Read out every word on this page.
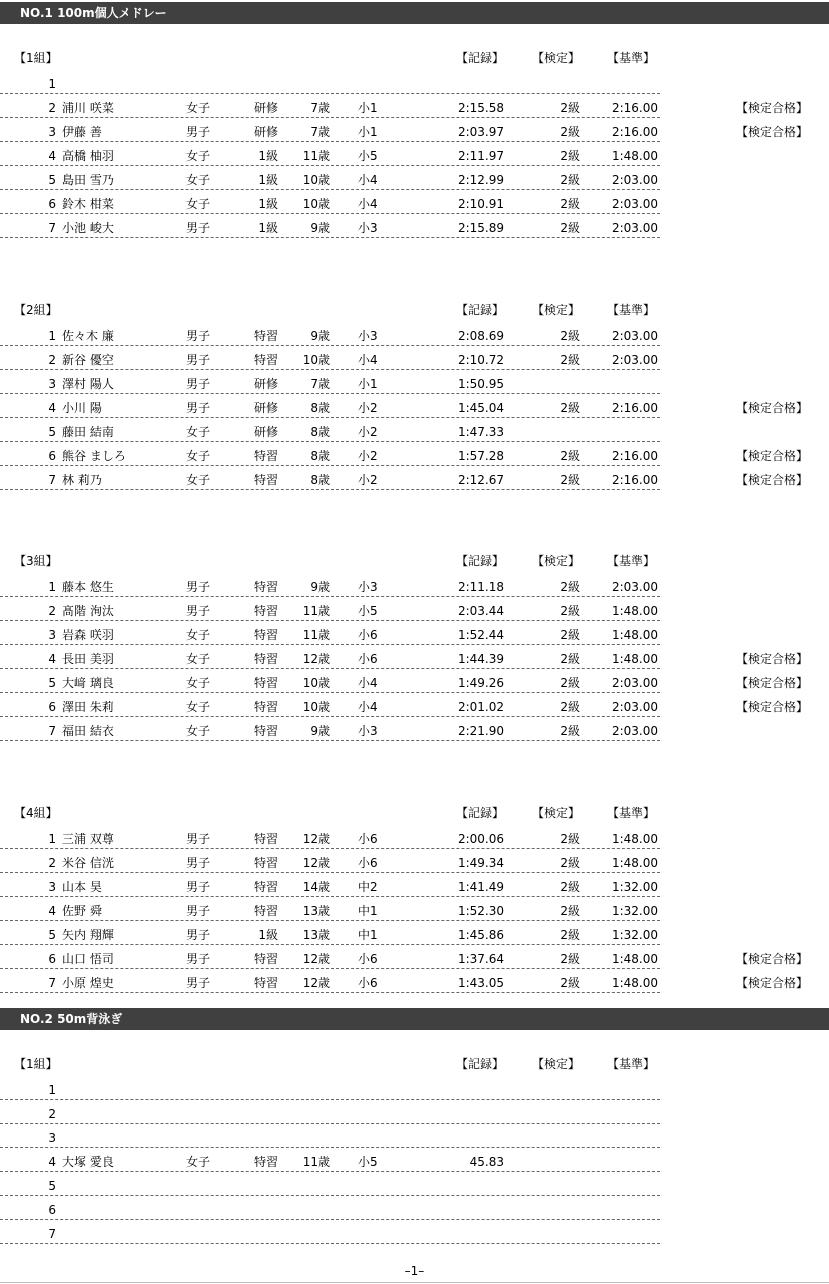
NO.1 100m個人メドレー
【1組】	【記録】 【検定】 【基準】
1
2 浦川 咲菜	女子	研修	7歳 小1	2:15.58	2級	2:16.00	【検定合格】
3 伊藤 善	男子	研修	7歳 小1	2:03.97	2級	2:16.00	【検定合格】
4 高橋 柚羽	女子	1級	11歳 小5	2:11.97	2級	1:48.00
5 島田 雪乃	女子	1級	10歳 小4	2:12.99	2級	2:03.00
6 鈴木 柑菜	女子	1級	10歳 小4	2:10.91	2級	2:03.00
7 小池 峻大	男子	1級	9歳 小3	2:15.89	2級	2:03.00
【2組】	【記録】 【検定】 【基準】
1 佐々木 廉	男子	特習	9歳 小3	2:08.69	2級	2:03.00
2 新谷 優空	男子	特習	10歳 小4	2:10.72	2級	2:03.00
3 澤村 陽人	男子	研修	7歳 小1	1:50.95
4 小川 陽	男子	研修	8歳 小2	1:45.04	2級	2:16.00	【検定合格】
5 藤田 結南	女子	研修	8歳 小2	1:47.33
6 熊谷 ましろ	女子	特習	8歳 小2	1:57.28	2級	2:16.00	【検定合格】
7 林 莉乃	女子	特習	8歳 小2	2:12.67	2級	2:16.00	【検定合格】
【3組】	【記録】 【検定】 【基準】
1 藤本 悠生	男子	特習	9歳 小3	2:11.18	2級	2:03.00
2 髙階 洵汰	男子	特習	11歳 小5	2:03.44	2級	1:48.00
3 岩森 咲羽	女子	特習	11歳 小6	1:52.44	2級	1:48.00
4 長田 美羽	女子	特習	12歳 小6	1:44.39	2級	1:48.00	【検定合格】
5 大﨑 璃良	女子	特習	10歳 小4	1:49.26	2級	2:03.00	【検定合格】
6 澤田 朱莉	女子	特習	10歳 小4	2:01.02	2級	2:03.00	【検定合格】
7 福田 結衣	女子	特習	9歳 小3	2:21.90	2級	2:03.00
【4組】	【記録】 【検定】 【基準】
1 三浦 双尊	男子	特習	12歳 小6	2:00.06	2級	1:48.00
2 米谷 信洸	男子	特習	12歳 小6	1:49.34	2級	1:48.00
3 山本 昊	男子	特習	14歳 中2	1:41.49	2級	1:32.00
4 佐野 舜	男子	特習	13歳 中1	1:52.30	2級	1:32.00
5 矢内 翔輝	男子	1級	13歳 中1	1:45.86	2級	1:32.00
6 山口 悟司	男子	特習	12歳 小6	1:37.64	2級	1:48.00	【検定合格】
7 小原 煌史	男子	特習	12歳 小6	1:43.05	2級	1:48.00	【検定合格】
NO.2 50m背泳ぎ
【1組】	【記録】 【検定】 【基準】
1
2
3
4 大塚 愛良	女子	特習	11歳 小5	45.83
5
6
7
–1–
